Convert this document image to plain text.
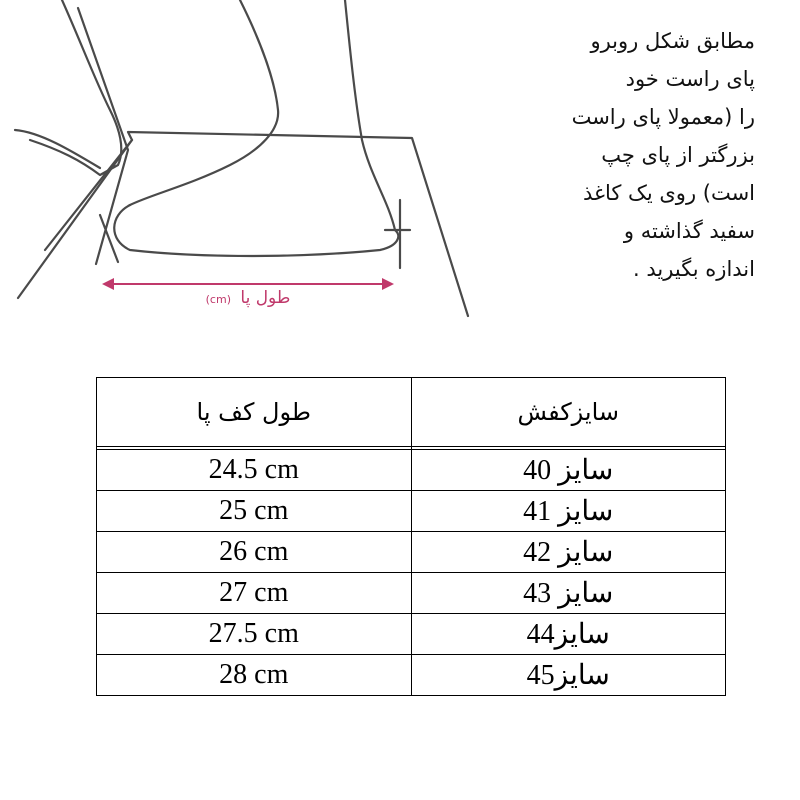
طول پا (cm)
مطابق شکل روبرو
پای راست خود
را (معمولا پای راست
بزرگتر از پای چپ
است) روی یک کاغذ
سفید گذاشته و
اندازه بگیرید .
طول کف پا	سایزکفش

24.5 cm	سایز 40
25 cm	سایز 41
26 cm	سایز 42
27 cm	سایز 43
27.5 cm	سایز44
28 cm	سایز45
